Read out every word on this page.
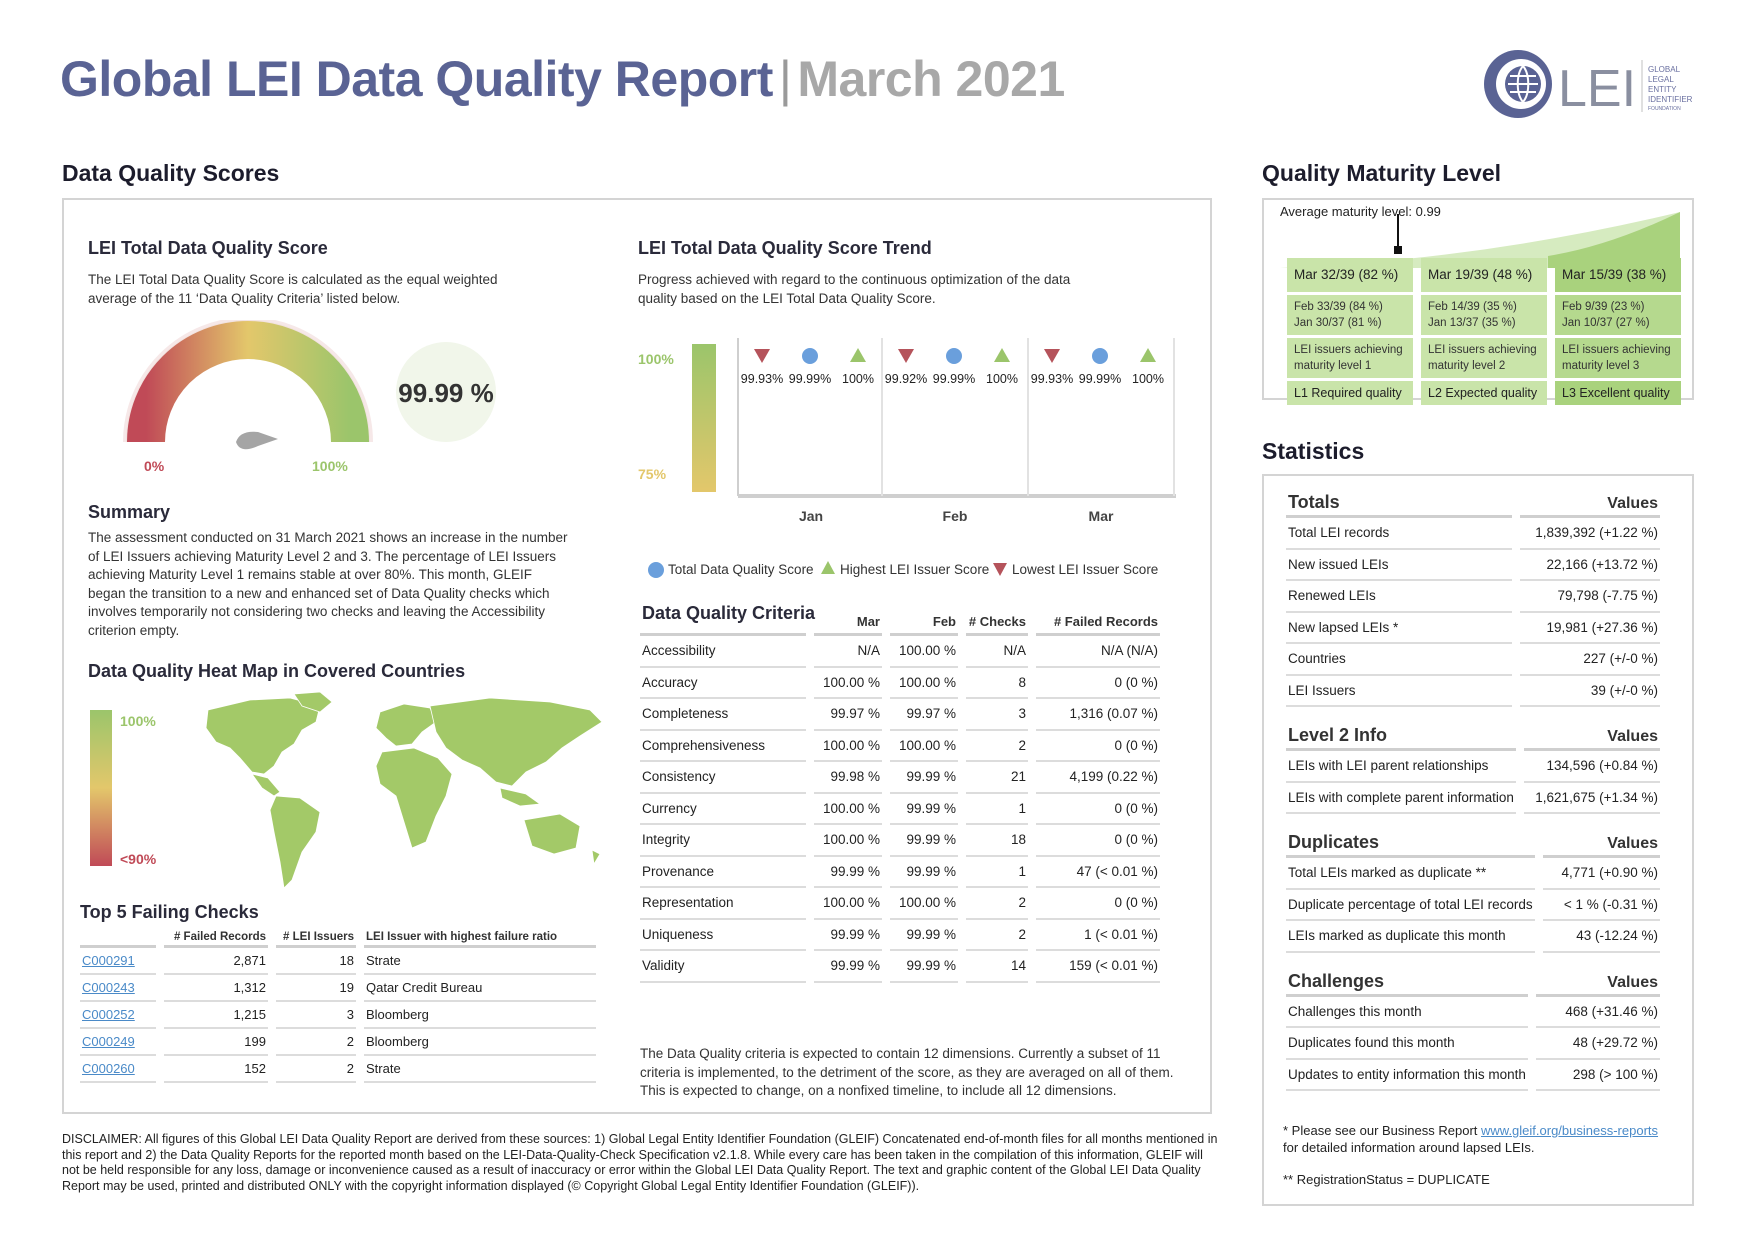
Global LEI Data Quality Report | March 2021	LEI GLOBAL
LEGAL
ENTITY
IDENTIFIER
FOUNDATION
Data Quality Scores
LEI Total Data Quality Score

The LEI Total Data Quality Score is calculated as the equal weighted average of the 11 ‘Data Quality Criteria’ listed below.

0%	100%
99.99 %
Summary

The assessment conducted on 31 March 2021 shows an increase in the number of LEI Issuers achieving Maturity Level 2 and 3. The percentage of LEI Issuers achieving Maturity Level 1 remains stable at over 80%. This month, GLEIF began the transition to a new and enhanced set of Data Quality checks which involves temporarily not considering two checks and leaving the Accessibility criterion empty.

Data Quality Heat Map in Covered Countries
100%
<90%
Top 5 Failing Checks
	# Failed Records	# LEI Issuers	LEI Issuer with highest failure ratio
C000291	2,871	18	Strate
C000243	1,312	19	Qatar Credit Bureau
C000252	1,215	3	Bloomberg
C000249	199	2	Bloomberg
C000260	152	2	Strate
LEI Total Data Quality Score Trend

Progress achieved with regard to the continuous optimization of the data quality based on the LEI Total Data Quality Score.

100%
75%
99.93% 99.99% 100%
Jan
99.92% 99.99% 100%
Feb
99.93% 99.99% 100%
Mar
Total Data Quality Score Highest LEI Issuer Score Lowest LEI Issuer Score
Data Quality Criteria
		Mar	Feb	# Checks	# Failed Records
Accessibility	N/A	100.00 %	N/A	N/A (N/A)
Accuracy	100.00 %	100.00 %	8	0 (0 %)
Completeness	99.97 %	99.97 %	3	1,316 (0.07 %)
Comprehensiveness	100.00 %	100.00 %	2	0 (0 %)
Consistency	99.98 %	99.99 %	21	4,199 (0.22 %)
Currency	100.00 %	99.99 %	1	0 (0 %)
Integrity	100.00 %	99.99 %	18	0 (0 %)
Provenance	99.99 %	99.99 %	1	47 (< 0.01 %)
Representation	100.00 %	100.00 %	2	0 (0 %)
Uniqueness	99.99 %	99.99 %	2	1 (< 0.01 %)
Validity	99.99 %	99.99 %	14	159 (< 0.01 %)

The Data Quality criteria is expected to contain 12 dimensions. Currently a subset of 11 criteria is implemented, to the detriment of the score, as they are averaged on all of them. This is expected to change, on a nonfixed timeline, to include all 12 dimensions.

Quality Maturity Level
Average maturity level: 0.99
Mar 32/39 (82 %)
Feb 33/39 (84 %)
Jan 30/37 (81 %)
LEI issuers achieving
maturity level 1
L1 Required quality
Mar 19/39 (48 %)
Feb 14/39 (35 %)
Jan 13/37 (35 %)
LEI issuers achieving
maturity level 2
L2 Expected quality
Mar 15/39 (38 %)
Feb 9/39 (23 %)
Jan 10/37 (27 %)
LEI issuers achieving
maturity level 3
L3 Excellent quality
Statistics
Totals	Values
Total LEI records	1,839,392 (+1.22 %)
New issued LEIs	22,166 (+13.72 %)
Renewed LEIs	79,798 (-7.75 %)
New lapsed LEIs *	19,981 (+27.36 %)
Countries	227 (+/-0 %)
LEI Issuers	39 (+/-0 %)
Level 2 Info	Values
LEIs with LEI parent relationships	134,596 (+0.84 %)
LEIs with complete parent information	1,621,675 (+1.34 %)
Duplicates	Values
Total LEIs marked as duplicate **	4,771 (+0.90 %)
Duplicate percentage of total LEI records	< 1 % (-0.31 %)
LEIs marked as duplicate this month	43 (-12.24 %)
Challenges	Values
Challenges this month	468 (+31.46 %)
Duplicates found this month	48 (+29.72 %)
Updates to entity information this month	298 (> 100 %)
* Please see our Business Report www.gleif.org/business-reports
for detailed information around lapsed LEIs.
** RegistrationStatus = DUPLICATE

DISCLAIMER: All figures of this Global LEI Data Quality Report are derived from these sources: 1) Global Legal Entity Identifier Foundation (GLEIF) Concatenated end-of-month files for all months mentioned in this report and 2) the Data Quality Reports for the reported month based on the LEI-Data-Quality-Check Specification v2.1.8. While every care has been taken in the compilation of this information, GLEIF will not be held responsible for any loss, damage or inconvenience caused as a result of inaccuracy or error within the Global LEI Data Quality Report. The text and graphic content of the Global LEI Data Quality Report may be used, printed and distributed ONLY with the copyright information displayed (© Copyright Global Legal Entity Identifier Foundation (GLEIF)).
